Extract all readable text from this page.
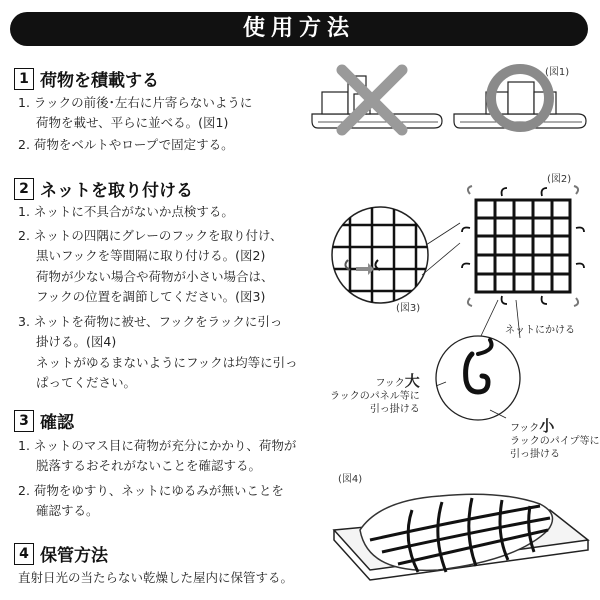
使用方法
1 荷物を積載する
1. ラックの前後･左右に片寄らないように
荷物を載せ、平らに並べる。(図1)
2. 荷物をベルトやロープで固定する。
2 ネットを取り付ける
1. ネットに不具合がないか点検する。
2. ネットの四隅にグレーのフックを取り付け、
黒いフックを等間隔に取り付ける。(図2)
荷物が少ない場合や荷物が小さい場合は、
フックの位置を調節してください。(図3)
3. ネットを荷物に被せ、フックをラックに引っ
掛ける。(図4)
ネットがゆるまないようにフックは均等に引っ
ぱってください。
3 確認
1. ネットのマス目に荷物が充分にかかり、荷物が
脱落するおそれがないことを確認する。
2. 荷物をゆすり、ネットにゆるみが無いことを
確認する。
4 保管方法
直射日光の当たらない乾燥した屋内に保管する。
(図1)
(図2)
(図3)
ネットにかける
フック大
ラックのパネル等に
引っ掛ける
フック小
ラックのパイプ等に
引っ掛ける
(図4)
